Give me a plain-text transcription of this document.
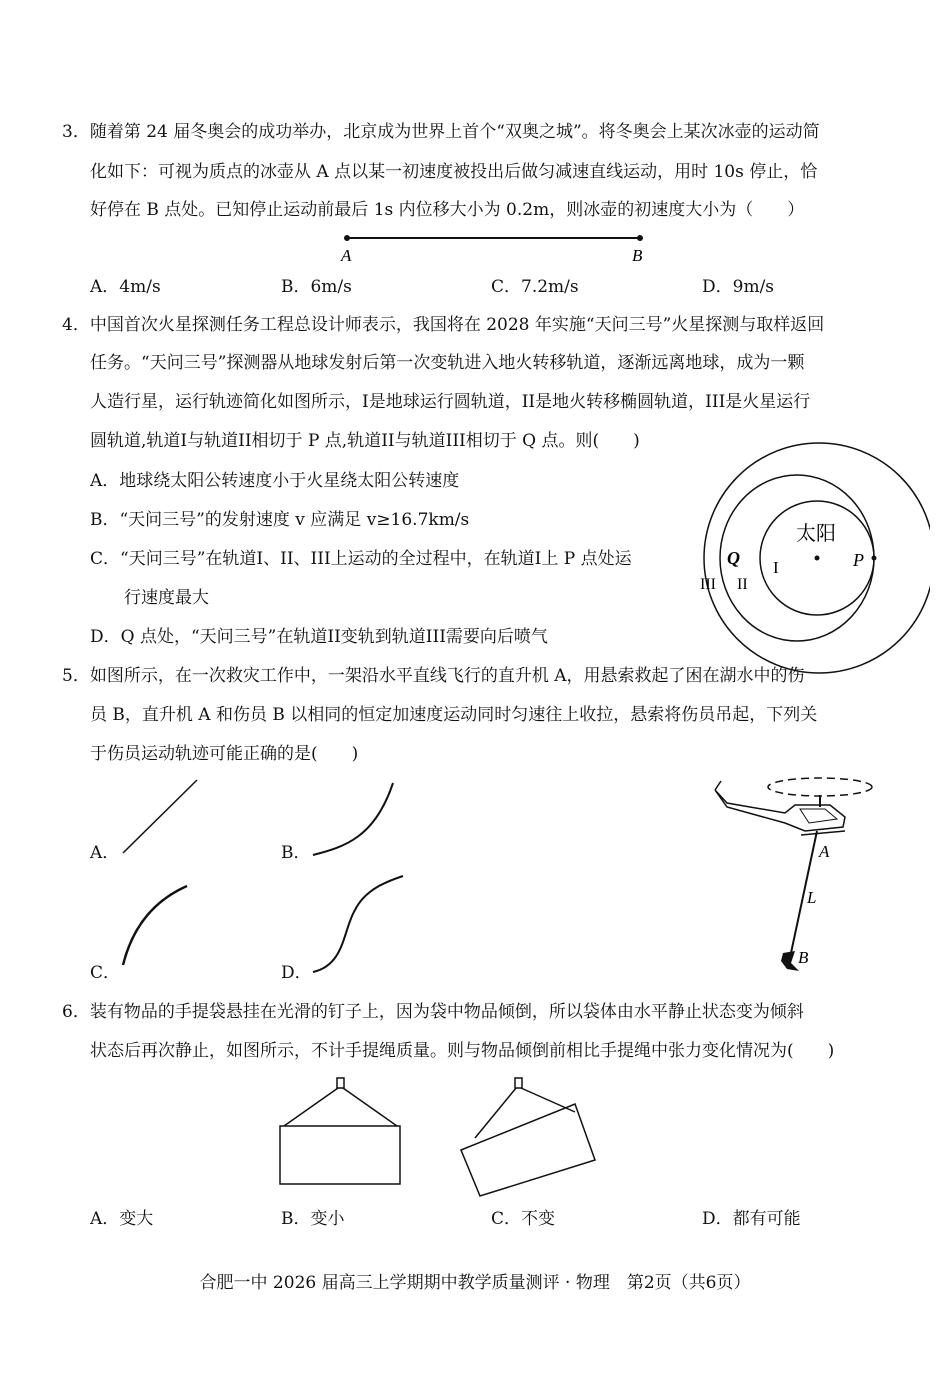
3．随着第 24 届冬奥会的成功举办，北京成为世界上首个“双奥之城”。将冬奥会上某次冰壶的运动简
化如下：可视为质点的冰壶从 A 点以某一初速度被投出后做匀减速直线运动，用时 10s 停止，恰
好停在 B 点处。已知停止运动前最后 1s 内位移大小为 0.2m，则冰壶的初速度大小为（　　）
A	B
A．4m/s	B．6m/s	C．7.2m/s	D．9m/s
4．中国首次火星探测任务工程总设计师表示，我国将在 2028 年实施“天问三号”火星探测与取样返回
任务。“天问三号”探测器从地球发射后第一次变轨进入地火转移轨道，逐渐远离地球，成为一颗
人造行星，运行轨迹简化如图所示，I是地球运行圆轨道，II是地火转移椭圆轨道，III是火星运行
圆轨道,轨道I与轨道II相切于 P 点,轨道II与轨道III相切于 Q 点。则(　　)
A．地球绕太阳公转速度小于火星绕太阳公转速度
B．“天问三号”的发射速度 v 应满足 v≥16.7km/s
C．“天问三号”在轨道I、II、III上运动的全过程中，在轨道I上 P 点处运
行速度最大
D．Q 点处，“天问三号”在轨道II变轨到轨道III需要向后喷气
太阳
Q	P
I
II
III
5．如图所示，在一次救灾工作中，一架沿水平直线飞行的直升机 A，用悬索救起了困在湖水中的伤
员 B，直升机 A 和伤员 B 以相同的恒定加速度运动同时匀速往上收拉，悬索将伤员吊起，下列关
于伤员运动轨迹可能正确的是(　　)
A．	B．
C．	D．
A
L
B
6．装有物品的手提袋悬挂在光滑的钉子上，因为袋中物品倾倒，所以袋体由水平静止状态变为倾斜
状态后再次静止，如图所示，不计手提绳质量。则与物品倾倒前相比手提绳中张力变化情况为(　　)
A．变大	B．变小	C．不变	D．都有可能
合肥一中 2026 届高三上学期期中教学质量测评 · 物理　第2页（共6页）
